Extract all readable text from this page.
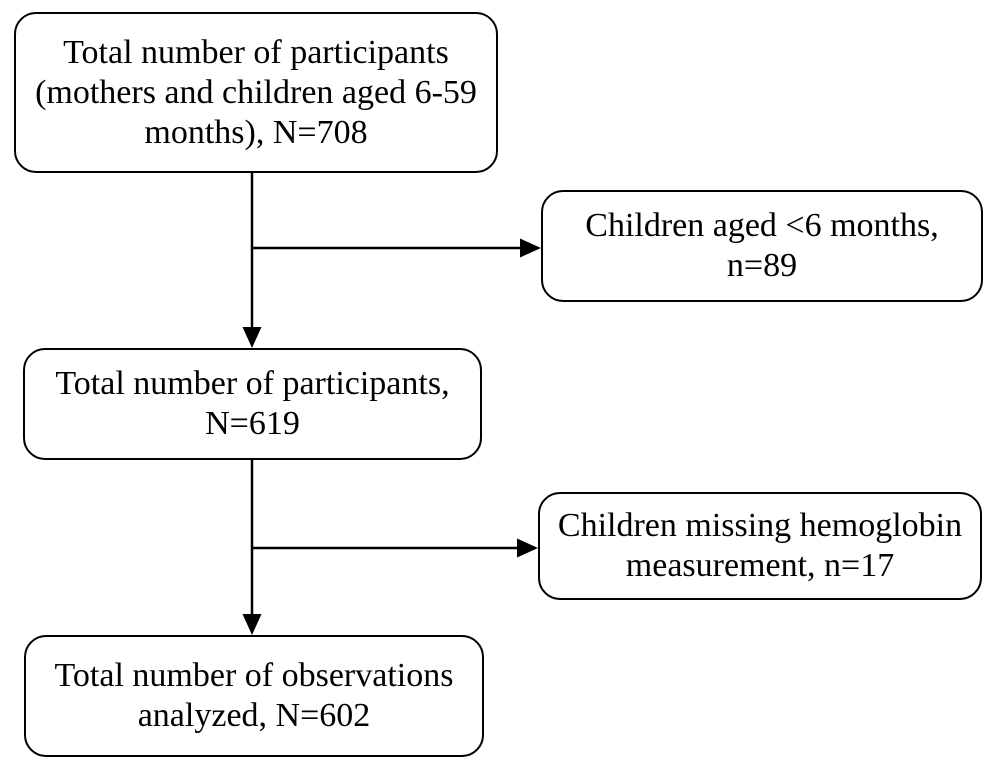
Total number of participants
(mothers and children aged 6-59
months), N=708
Children aged <6 months,
n=89
Total number of participants,
N=619
Children missing hemoglobin
measurement, n=17
Total number of observations
analyzed, N=602
